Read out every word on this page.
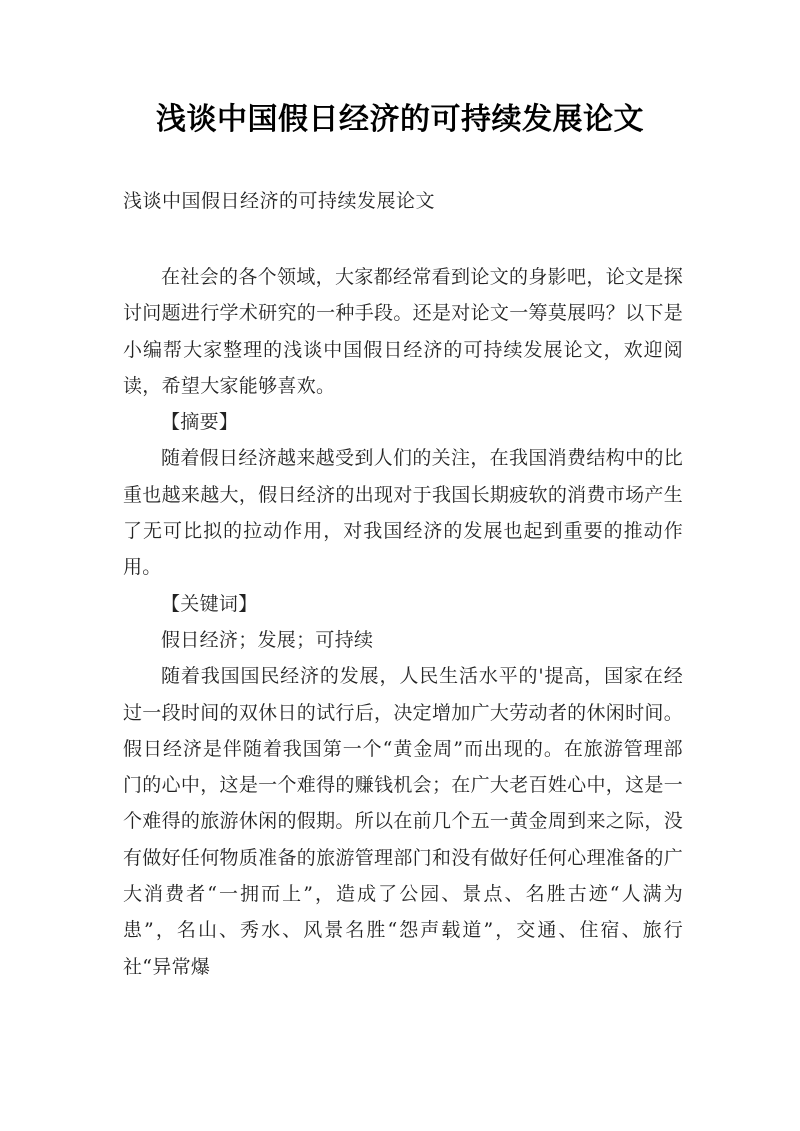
浅谈中国假日经济的可持续发展论文
浅谈中国假日经济的可持续发展论文

在社会的各个领域，大家都经常看到论文的身影吧，论文是探讨问题进行学术研究的一种手段。还是对论文一筹莫展吗？以下是小编帮大家整理的浅谈中国假日经济的可持续发展论文，欢迎阅读，希望大家能够喜欢。

【摘要】

随着假日经济越来越受到人们的关注，在我国消费结构中的比重也越来越大，假日经济的出现对于我国长期疲软的消费市场产生了无可比拟的拉动作用，对我国经济的发展也起到重要的推动作用。

【关键词】

假日经济；发展；可持续

随着我国国民经济的发展，人民生活水平的'提高，国家在经过一段时间的双休日的试行后，决定增加广大劳动者的休闲时间。假日经济是伴随着我国第一个“黄金周”而出现的。在旅游管理部门的心中，这是一个难得的赚钱机会；在广大老百姓心中，这是一个难得的旅游休闲的假期。所以在前几个五一黄金周到来之际，没有做好任何物质准备的旅游管理部门和没有做好任何心理准备的广大消费者“一拥而上”，造成了公园、景点、名胜古迹“人满为患”，名山、秀水、风景名胜“怨声载道”，交通、住宿、旅行社“异常爆
